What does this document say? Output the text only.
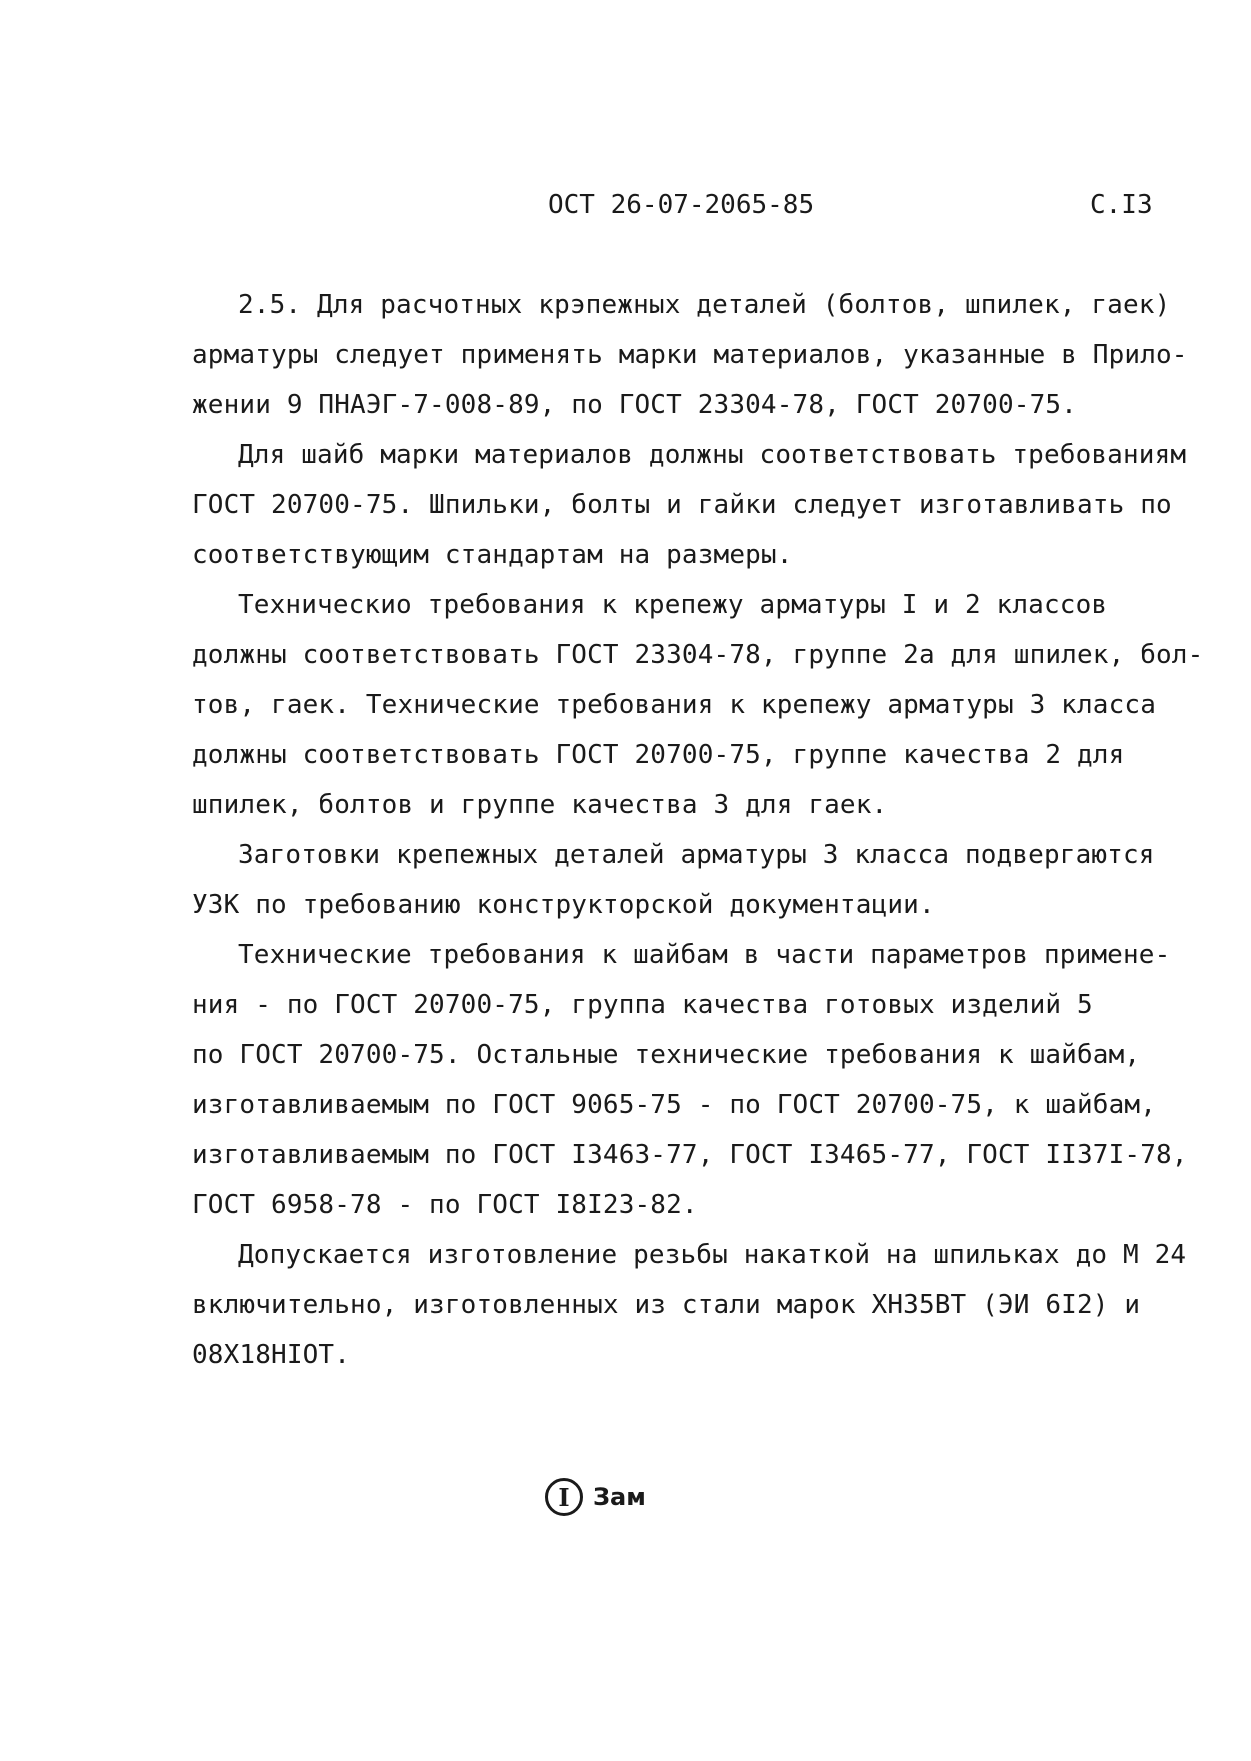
ОСТ 26-07-2065-85	С.I3
2.5. Для расчотных крэпежных деталей (болтов, шпилек, гаек)
арматуры следует применять марки материалов, указанные в Прило-
жении 9 ПНАЭГ-7-008-89, по ГОСТ 23304-78, ГОСТ 20700-75.
Для шайб марки материалов должны соответствовать требованиям
ГОСТ 20700-75. Шпильки, болты и гайки следует изготавливать по
соответствующим стандартам на размеры.
Техническио требования к крепежу арматуры I и 2 классов
должны соответствовать ГОСТ 23304-78, группе 2а для шпилек, бол-
тов, гаек. Технические требования к крепежу арматуры 3 класса
должны соответствовать ГОСТ 20700-75, группе качества 2 для
шпилек, болтов и группе качества 3 для гаек.
Заготовки крепежных деталей арматуры 3 класса подвергаются
УЗК по требованию конструкторской документации.
Технические требования к шайбам в части параметров примене-
ния - по ГОСТ 20700-75, группа качества готовых изделий 5
по ГОСТ 20700-75. Остальные технические требования к шайбам,
изготавливаемым по ГОСТ 9065-75 - по ГОСТ 20700-75, к шайбам,
изготавливаемым по ГОСТ I3463-77, ГОСТ I3465-77, ГОСТ II37I-78,
ГОСТ 6958-78 - по ГОСТ I8I23-82.
Допускается изготовление резьбы накаткой на шпильках до М 24
включительно, изготовленных из стали марок ХН35ВТ (ЭИ 6I2) и
08Х18НIОТ.
I Зам
